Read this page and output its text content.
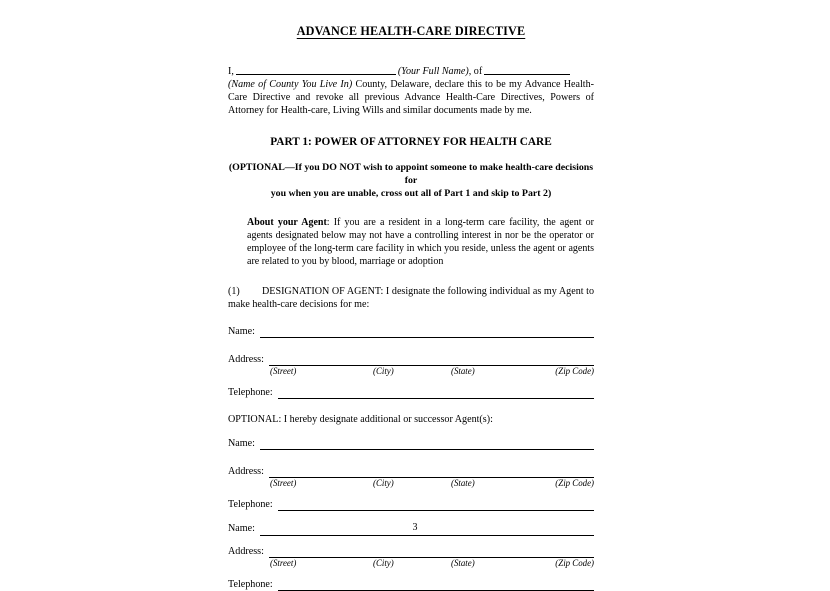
ADVANCE HEALTH-CARE DIRECTIVE

I,	(Your Full Name), of
(Name of County You Live In) County, Delaware, declare this to be my Advance Health-Care Directive and revoke all previous Advance Health-Care Directives, Powers of Attorney for Health-care, Living Wills and similar documents made by me.

PART 1: POWER OF ATTORNEY FOR HEALTH CARE
(OPTIONAL—If you DO NOT wish to appoint someone to make health-care decisions for
you when you are unable, cross out all of Part 1 and skip to Part 2)

About your Agent: If you are a resident in a long-term care facility, the agent or agents designated below may not have a controlling interest in nor be the operator or employee of the long-term care facility in which you reside, unless the agent or agents are related to you by blood, marriage or adoption

(1) DESIGNATION OF AGENT: I designate the following individual as my Agent to make health-care decisions for me:

Name:
Address:
(Street)	(City)	(State)	(Zip Code)
Telephone:

OPTIONAL: I hereby designate additional or successor Agent(s):

Name:
Address:
(Street)	(City)	(State)	(Zip Code)
Telephone:
Name:
Address:
(Street)	(City)	(State)	(Zip Code)
Telephone:
3
